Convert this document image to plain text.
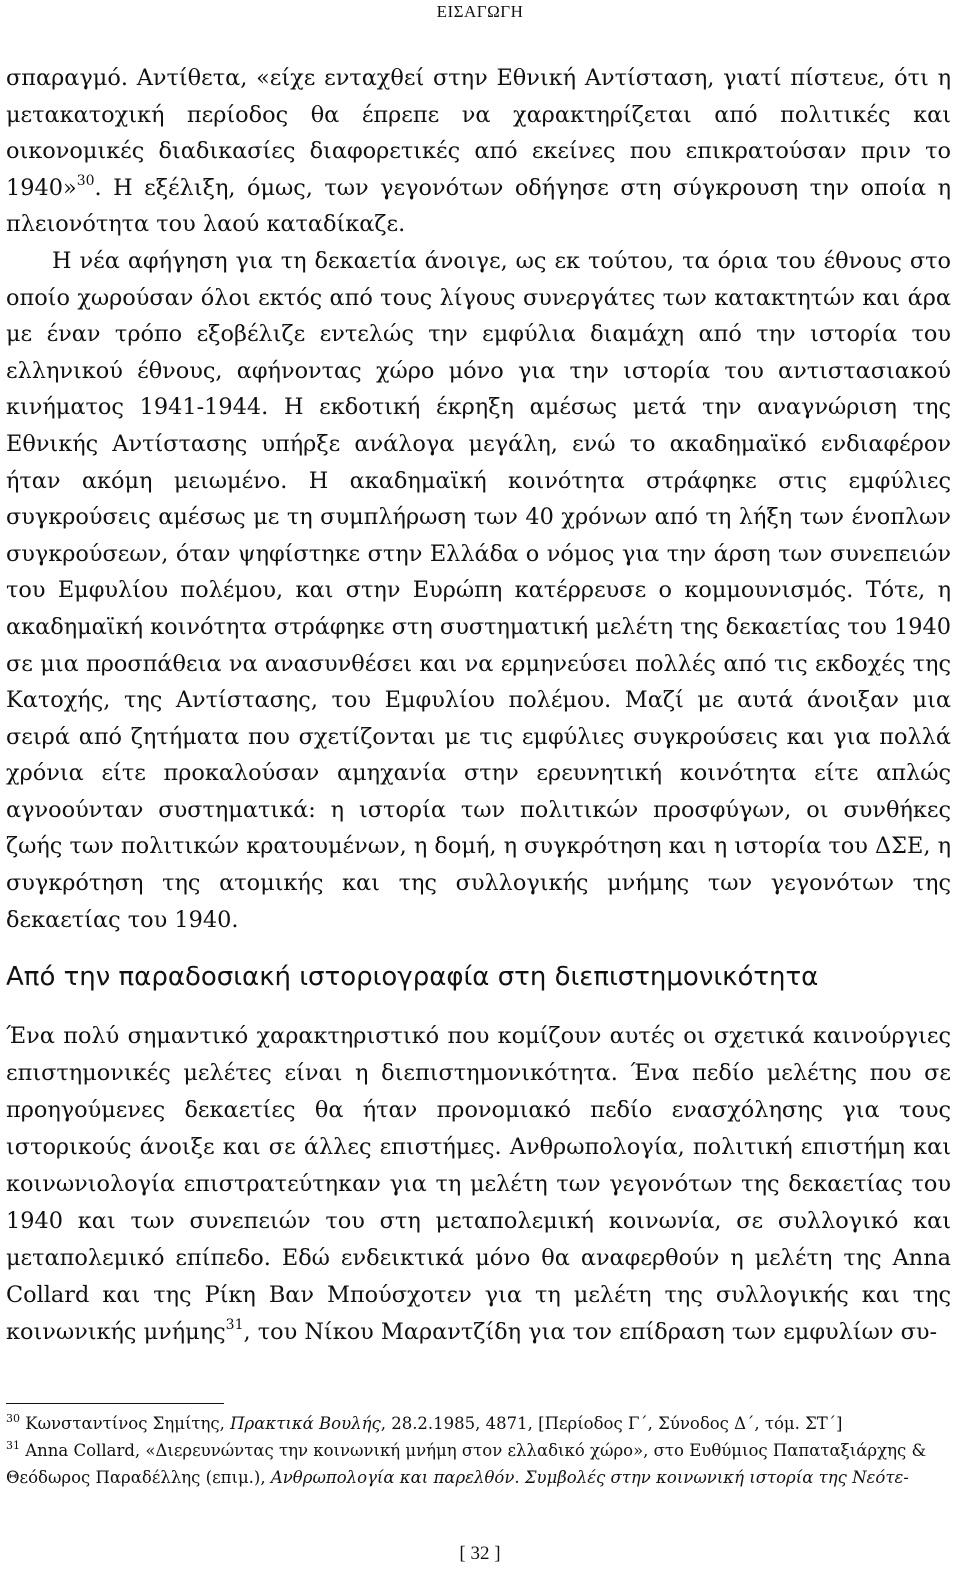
ΕΙΣΑΓΩΓΗ

σπαραγμό. Αντίθετα, «είχε ενταχθεί στην Εθνική Αντίσταση, γιατί πίστευε, ότι η μετακατοχική περίοδος θα έπρεπε να χαρακτηρίζεται από πολιτικές και οικονομικές διαδικασίες διαφορετικές από εκείνες που επικρατούσαν πριν το 1940»$^{30}$. Η εξέλιξη, όμως, των γεγονότων οδήγησε στη σύγκρουση την οποία η πλειονότητα του λαού καταδίκαζε.

Η νέα αφήγηση για τη δεκαετία άνοιγε, ως εκ τούτου, τα όρια του έθνους στο οποίο χωρούσαν όλοι εκτός από τους λίγους συνεργάτες των κατακτητών και άρα με έναν τρόπο εξοβέλιζε εντελώς την εμφύλια διαμάχη από την ιστορία του ελληνικού έθνους, αφήνοντας χώρο μόνο για την ιστορία του αντιστασιακού κινήματος 1941-1944. Η εκδοτική έκρηξη αμέσως μετά την αναγνώριση της Εθνικής Αντίστασης υπήρξε ανάλογα μεγάλη, ενώ το ακαδημαϊκό ενδιαφέρον ήταν ακόμη μειωμένο. Η ακαδημαϊκή κοινότητα στράφηκε στις εμφύλιες συγκρούσεις αμέσως με τη συμπλήρωση των 40 χρόνων από τη λήξη των ένοπλων συγκρούσεων, όταν ψηφίστηκε στην Ελλάδα ο νόμος για την άρση των συνεπειών του Εμφυλίου πολέμου, και στην Ευρώπη κατέρρευσε ο κομμουνισμός. Τότε, η ακαδημαϊκή κοινότητα στράφηκε στη συστηματική μελέτη της δεκαετίας του 1940 σε μια προσπάθεια να ανασυνθέσει και να ερμηνεύσει πολλές από τις εκδοχές της Κατοχής, της Αντίστασης, του Εμφυλίου πολέμου. Μαζί με αυτά άνοιξαν μια σειρά από ζητήματα που σχετίζονται με τις εμφύλιες συγκρούσεις και για πολλά χρόνια είτε προκαλούσαν αμηχανία στην ερευνητική κοινότητα είτε απλώς αγνοούνταν συστηματικά: η ιστορία των πολιτικών προσφύγων, οι συνθήκες ζωής των πολιτικών κρατουμένων, η δομή, η συγκρότηση και η ιστορία του ΔΣΕ, η συγκρότηση της ατομικής και της συλλογικής μνήμης των γεγονότων της δεκαετίας του 1940.

Από την παραδοσιακή ιστοριογραφία στη διεπιστημονικότητα

Ένα πολύ σημαντικό χαρακτηριστικό που κομίζουν αυτές οι σχετικά καινούργιες επιστημονικές μελέτες είναι η διεπιστημονικότητα. Ένα πεδίο μελέτης που σε προηγούμενες δεκαετίες θα ήταν προνομιακό πεδίο ενασχόλησης για τους ιστορικούς άνοιξε και σε άλλες επιστήμες. Ανθρωπολογία, πολιτική επιστήμη και κοινωνιολογία επιστρατεύτηκαν για τη μελέτη των γεγονότων της δεκαετίας του 1940 και των συνεπειών του στη μεταπολεμική κοινωνία, σε συλλογικό και μεταπολεμικό επίπεδο. Εδώ ενδεικτικά μόνο θα αναφερθούν η μελέτη της Anna Collard και της Ρίκη Βαν Μπούσχοτεν για τη μελέτη της συλλογικής και της κοινωνικής μνήμης$^{31}$, του Νίκου Μαραντζίδη για τον επίδραση των εμφυλίων συ-

$^{30}$ Κωνσταντίνος Σημίτης, Πρακτικά Βουλής, 28.2.1985, 4871, [Περίοδος Γ΄, Σύνοδος Δ΄, τόμ. ΣΤ΄]

$^{31}$ Anna Collard, «Διερευνώντας την κοινωνική μνήμη στον ελλαδικό χώρο», στο Ευθύμιος Παπαταξιάρχης & Θεόδωρος Παραδέλλης (επιμ.), Ανθρωπολογία και παρελθόν. Συμβολές στην κοινωνική ιστορία της Νεότε-

[ 32 ]
